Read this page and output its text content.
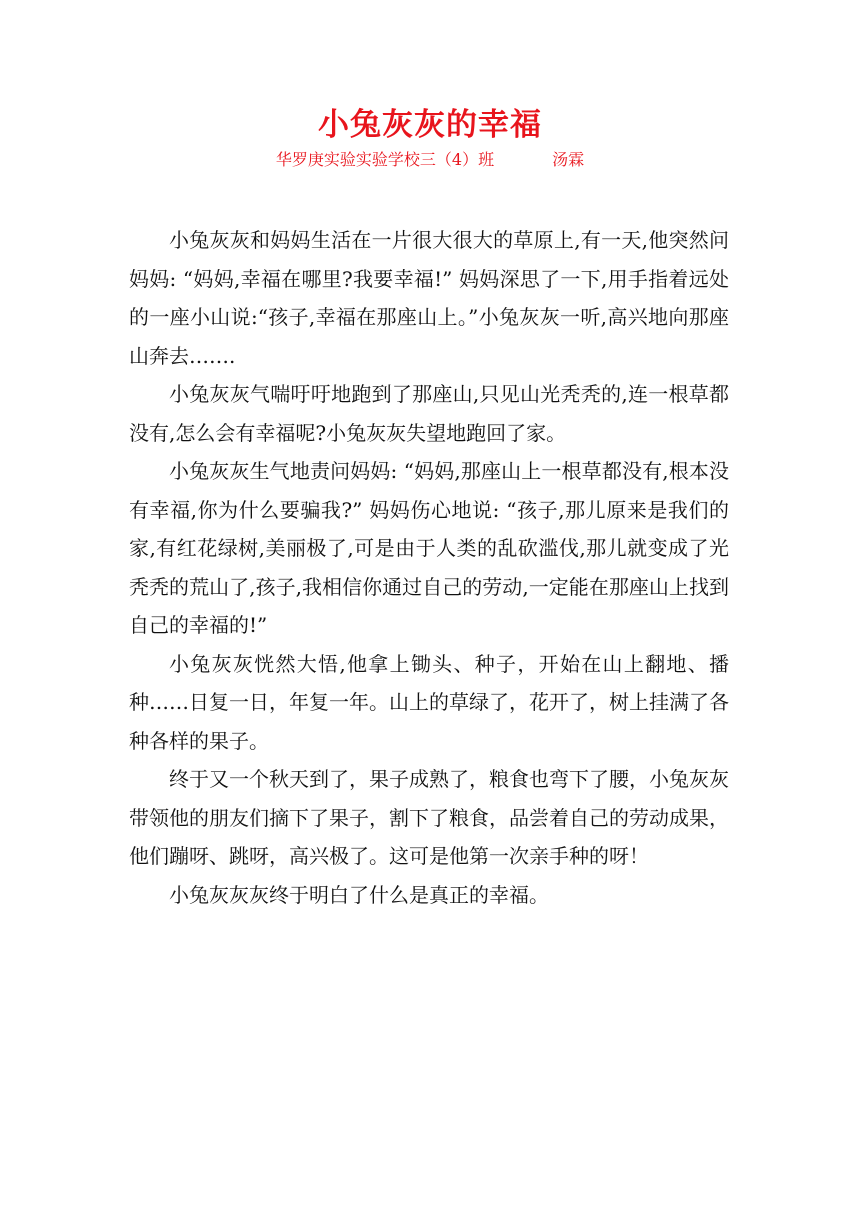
小兔灰灰的幸福
华罗庚实验实验学校三（4）班	汤霖

小兔灰灰和妈妈生活在一片很大很大的草原上,有一天,他突然问妈妈: “妈妈,幸福在哪里?我要幸福!” 妈妈深思了一下,用手指着远处的一座小山说:“孩子,幸福在那座山上。”小兔灰灰一听,高兴地向那座山奔去…….

小兔灰灰气喘吁吁地跑到了那座山,只见山光秃秃的,连一根草都没有,怎么会有幸福呢?小兔灰灰失望地跑回了家。

小兔灰灰生气地责问妈妈: “妈妈,那座山上一根草都没有,根本没有幸福,你为什么要骗我?” 妈妈伤心地说: “孩子,那儿原来是我们的家,有红花绿树,美丽极了,可是由于人类的乱砍滥伐,那儿就变成了光秃秃的荒山了,孩子,我相信你通过自己的劳动,一定能在那座山上找到自己的幸福的!”

小兔灰灰恍然大悟,他拿上锄头、种子，开始在山上翻地、播种……日复一日，年复一年。山上的草绿了，花开了，树上挂满了各种各样的果子。

终于又一个秋天到了，果子成熟了，粮食也弯下了腰，小兔灰灰带领他的朋友们摘下了果子，割下了粮食，品尝着自己的劳动成果，他们蹦呀、跳呀，高兴极了。这可是他第一次亲手种的呀！

小兔灰灰灰终于明白了什么是真正的幸福。
